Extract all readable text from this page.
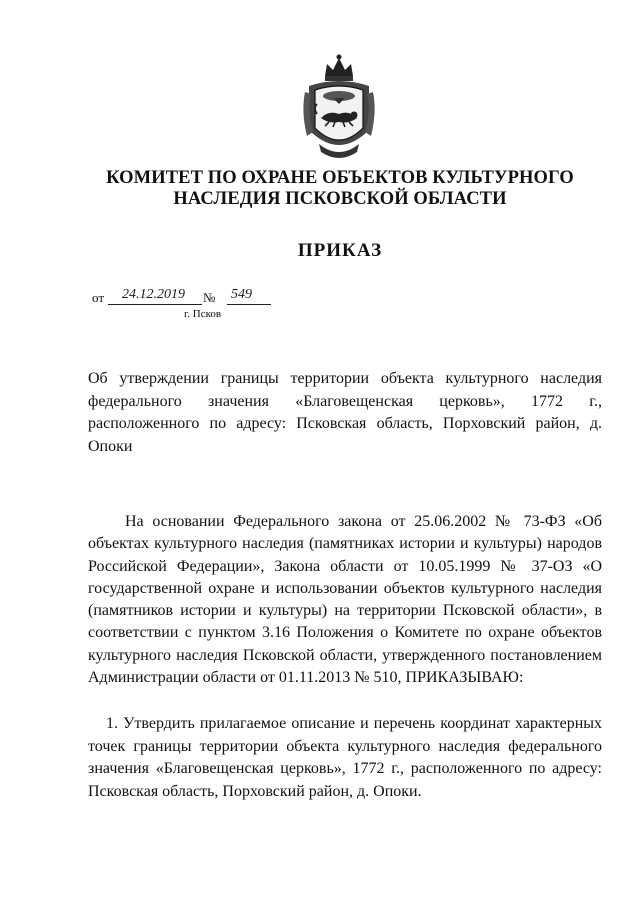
КОМИТЕТ ПО ОХРАНЕ ОБЪЕКТОВ КУЛЬТУРНОГО
НАСЛЕДИЯ ПСКОВСКОЙ ОБЛАСТИ
ПРИКАЗ
от	24.12.2019	№ 549
г. Псков
Об утверждении границы территории объекта культурного наследия федерального значения «Благовещенская церковь», 1772 г., расположенного по адресу: Псковская область, Порховский район, д. Опоки
На основании Федерального закона от 25.06.2002 № 73-ФЗ «Об объектах культурного наследия (памятниках истории и культуры) народов Российской Федерации», Закона области от 10.05.1999 № 37-ОЗ «О государственной охране и использовании объектов культурного наследия (памятников истории и культуры) на территории Псковской области», в соответствии с пунктом 3.16 Положения о Комитете по охране объектов культурного наследия Псковской области, утвержденного постановлением Администрации области от 01.11.2013 № 510, ПРИКАЗЫВАЮ:
1. Утвердить прилагаемое описание и перечень координат характерных точек границы территории объекта культурного наследия федерального значения «Благовещенская церковь», 1772 г., расположенного по адресу: Псковская область, Порховский район, д. Опоки.
